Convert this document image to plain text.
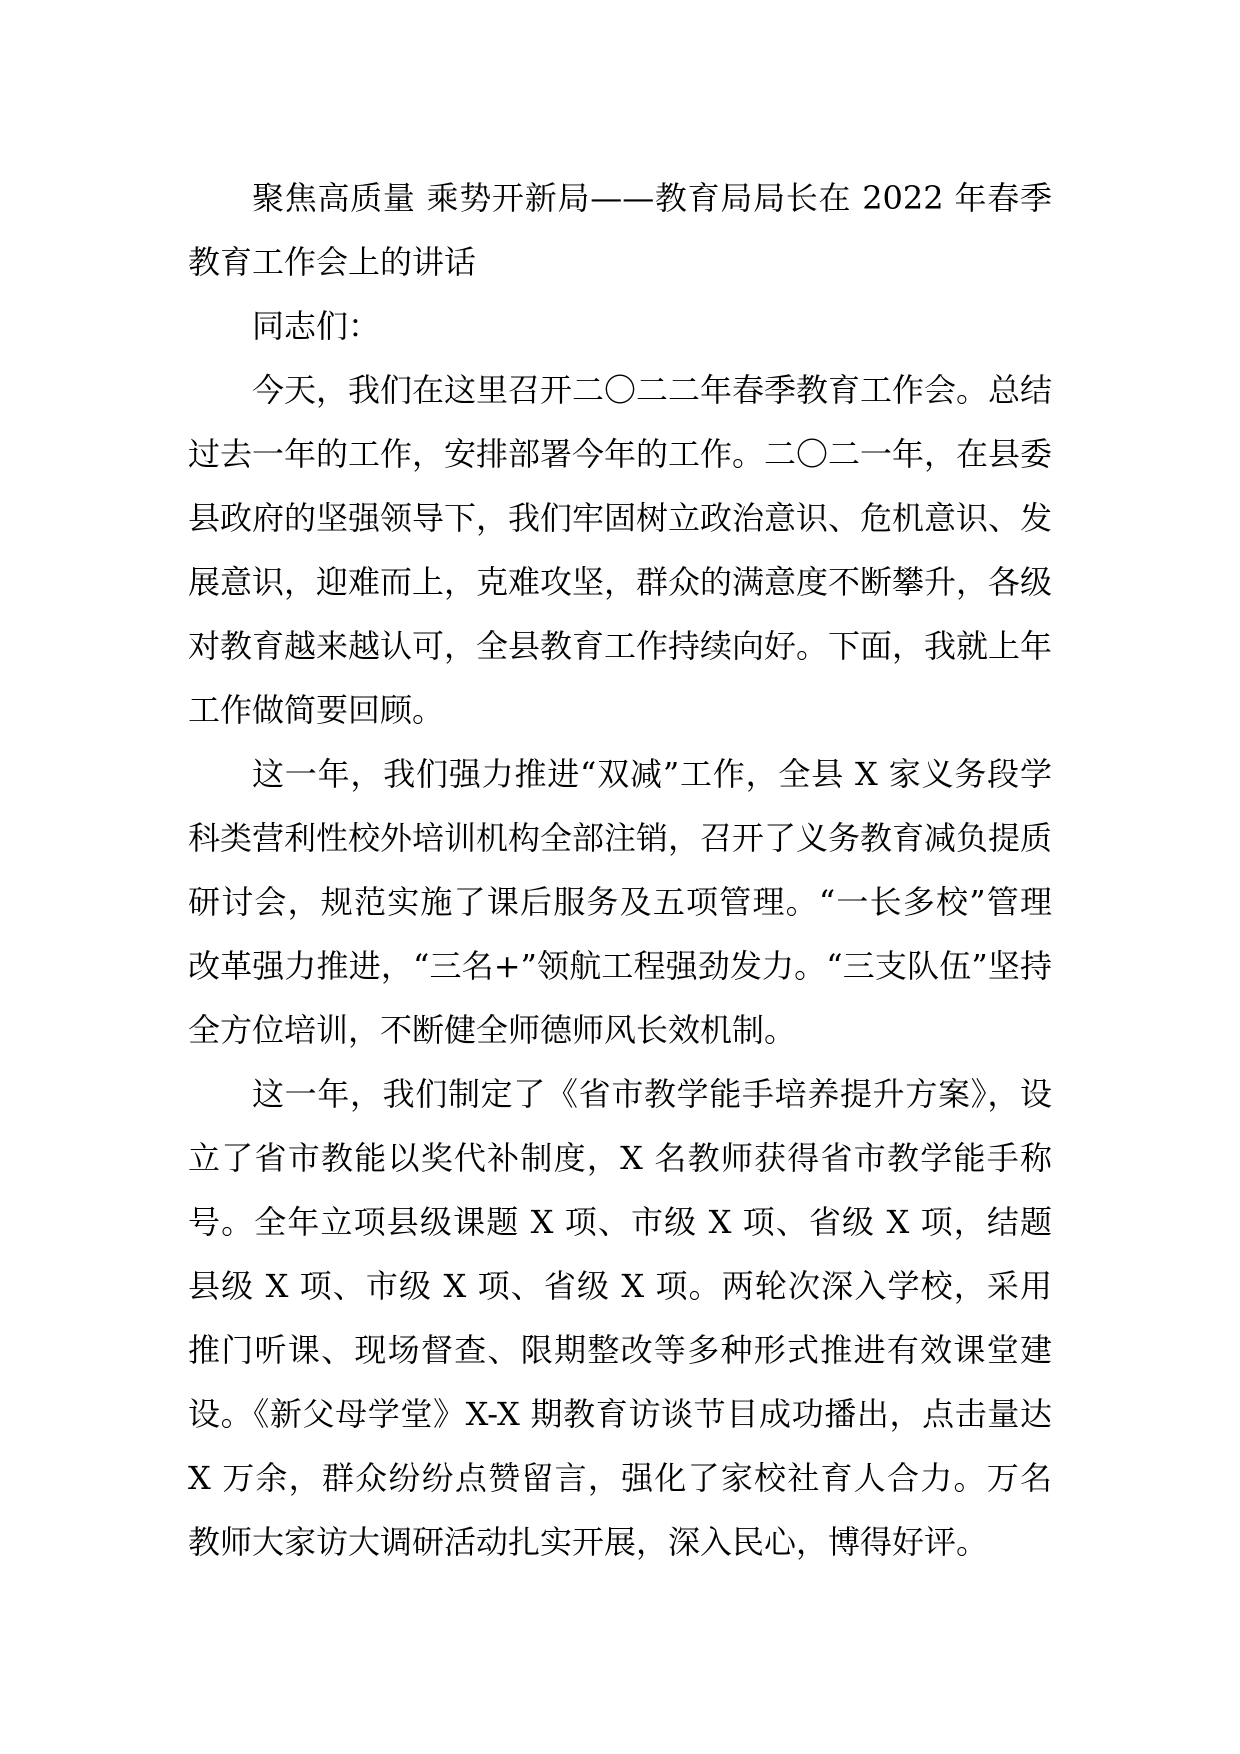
聚焦高质量 乘势开新局——教育局局长在 2022 年春季教育工作会上的讲话

同志们：

今天，我们在这里召开二〇二二年春季教育工作会。总结过去一年的工作，安排部署今年的工作。二〇二一年，在县委县政府的坚强领导下，我们牢固树立政治意识、危机意识、发展意识，迎难而上，克难攻坚，群众的满意度不断攀升，各级对教育越来越认可，全县教育工作持续向好。下面，我就上年工作做简要回顾。

这一年，我们强力推进“双减”工作，全县 X 家义务段学科类营利性校外培训机构全部注销，召开了义务教育减负提质研讨会，规范实施了课后服务及五项管理。“一长多校”管理改革强力推进，“三名+”领航工程强劲发力。“三支队伍”坚持全方位培训，不断健全师德师风长效机制。

这一年，我们制定了《省市教学能手培养提升方案》，设立了省市教能以奖代补制度，X 名教师获得省市教学能手称号。全年立项县级课题 X 项、市级 X 项、省级 X 项，结题县级 X 项、市级 X 项、省级 X 项。两轮次深入学校，采用推门听课、现场督查、限期整改等多种形式推进有效课堂建设。《新父母学堂》X-X 期教育访谈节目成功播出，点击量达 X 万余，群众纷纷点赞留言，强化了家校社育人合力。万名教师大家访大调研活动扎实开展，深入民心，博得好评。
